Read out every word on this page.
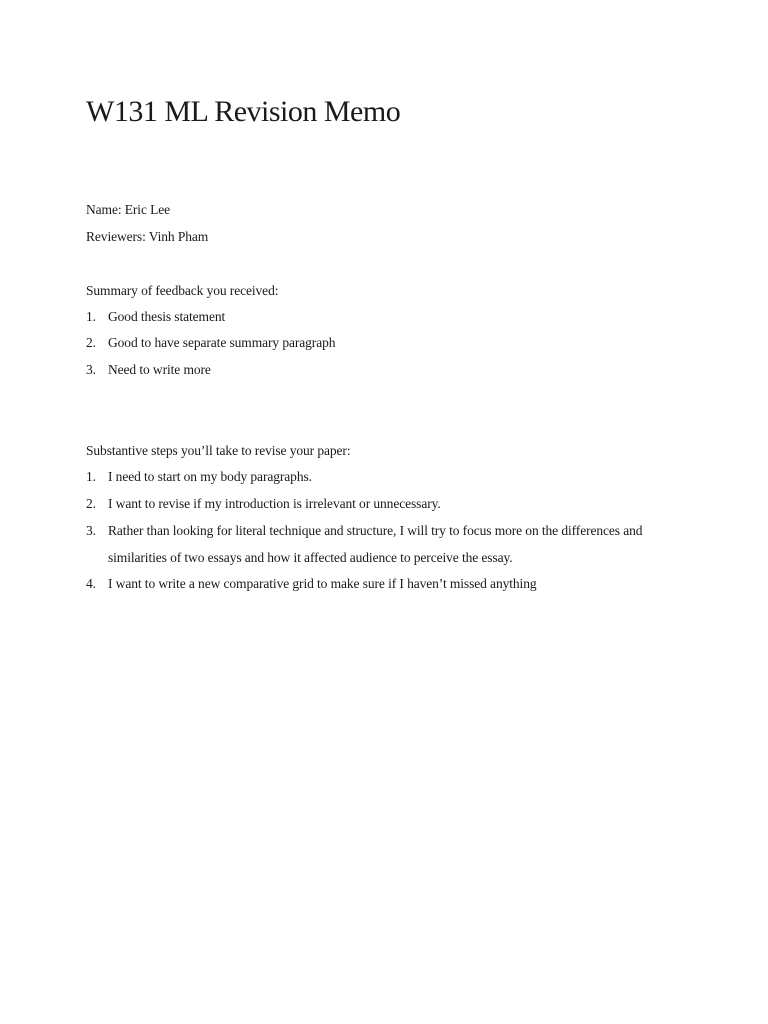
W131 ML Revision Memo

Name: Eric Lee

Reviewers: Vinh Pham

Summary of feedback you received:

1. Good thesis statement
2. Good to have separate summary paragraph
3. Need to write more

Substantive steps you’ll take to revise your paper:

1. I need to start on my body paragraphs.
2. I want to revise if my introduction is irrelevant or unnecessary.
3. Rather than looking for literal technique and structure, I will try to focus more on the differences and similarities of two essays and how it affected audience to perceive the essay.
4. I want to write a new comparative grid to make sure if I haven’t missed anything
